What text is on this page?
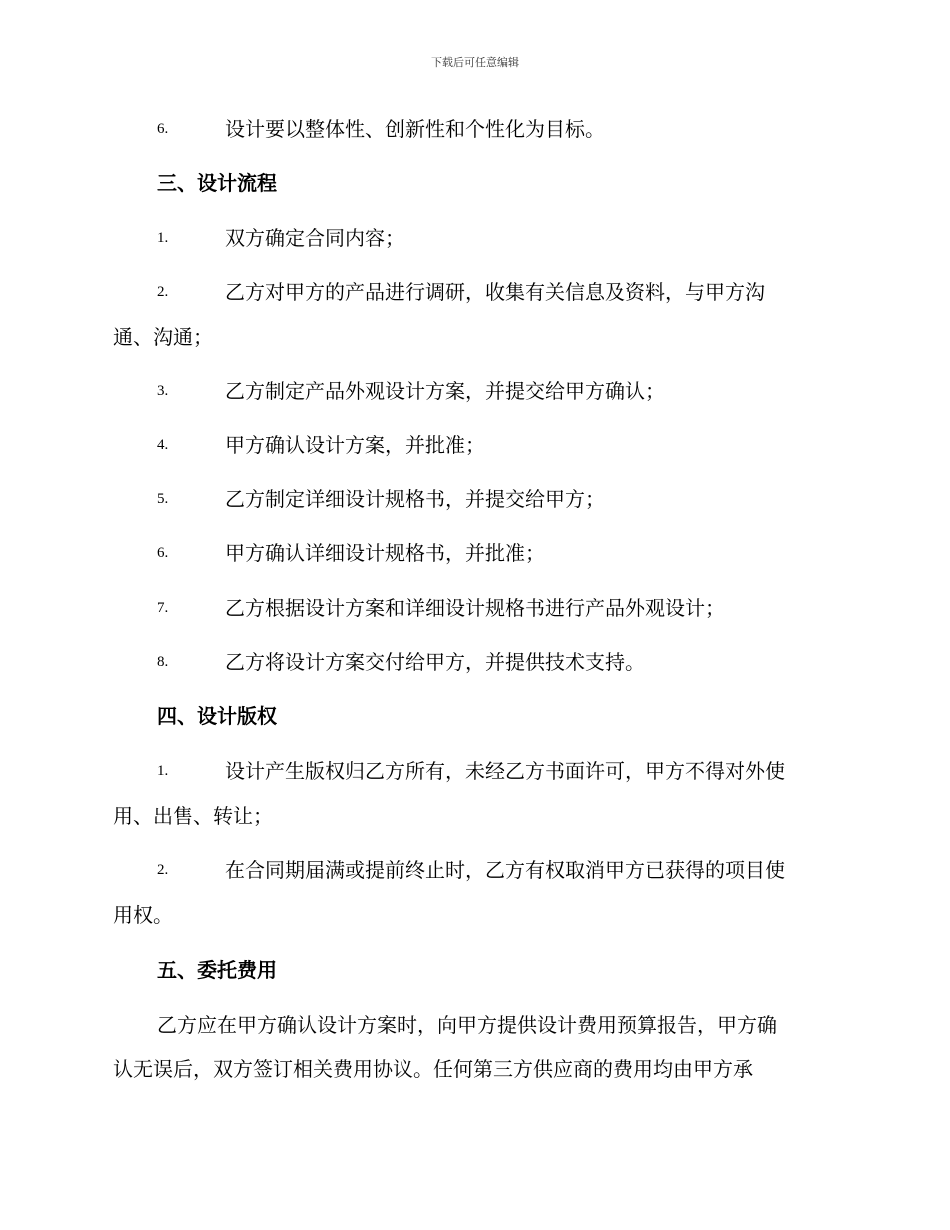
下载后可任意编辑
6.	设计要以整体性、创新性和个性化为目标。
三、设计流程
1.	双方确定合同内容；
2.	乙方对甲方的产品进行调研，收集有关信息及资料，与甲方沟
通、沟通；
3.	乙方制定产品外观设计方案，并提交给甲方确认；
4.	甲方确认设计方案，并批准；
5.	乙方制定详细设计规格书，并提交给甲方；
6.	甲方确认详细设计规格书，并批准；
7.	乙方根据设计方案和详细设计规格书进行产品外观设计；
8.	乙方将设计方案交付给甲方，并提供技术支持。
四、设计版权
1.	设计产生版权归乙方所有，未经乙方书面许可，甲方不得对外使
用、出售、转让；
2.	在合同期届满或提前终止时，乙方有权取消甲方已获得的项目使
用权。
五、委托费用
乙方应在甲方确认设计方案时，向甲方提供设计费用预算报告，甲方确
认无误后，双方签订相关费用协议。任何第三方供应商的费用均由甲方承
